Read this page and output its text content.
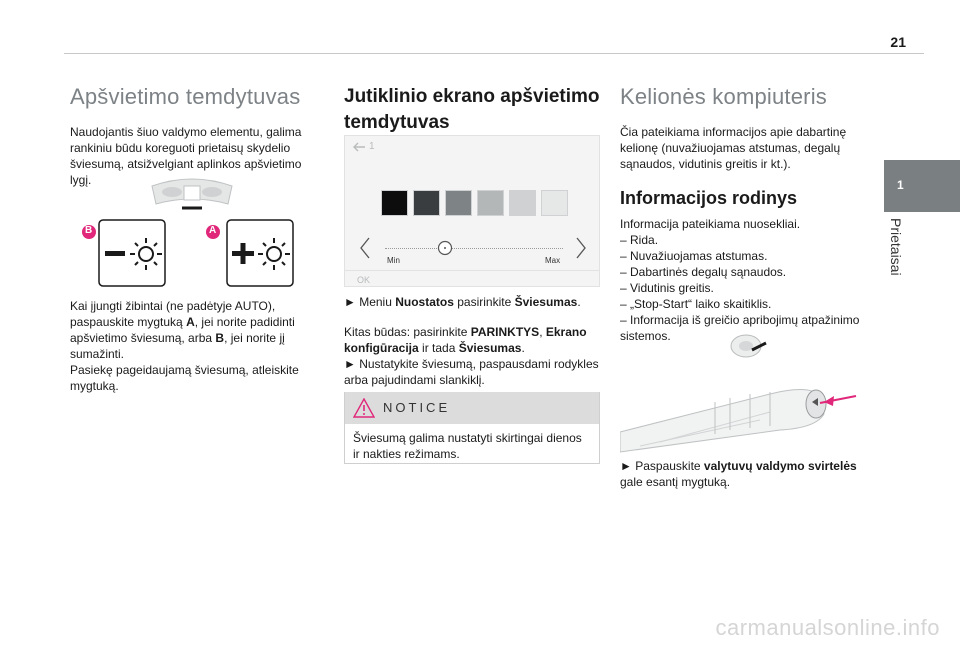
21
1
Prietaisai
Apšvietimo temdytuvas

Naudojantis šiuo valdymo elementu, galima rankiniu būdu koreguoti prietaisų skydelio šviesumą, atsižvelgiant aplinkos apšvietimo lygį.

B	A

Kai įjungti žibintai (ne padėtyje AUTO), paspauskite mygtuką A, jei norite padidinti apšvietimo šviesumą, arba B, jei norite jį sumažinti.

Pasiekę pageidaujamą šviesumą, atleiskite mygtuką.

Jutiklinio ekrano apšvietimo temdytuvas
1
Min	Max
OK

► Meniu Nuostatos pasirinkite Šviesumas.

Kitas būdas: pasirinkite PARINKTYS, Ekrano konfigūracija ir tada Šviesumas.

► Nustatykite šviesumą, paspausdami rodykles arba pajudindami slankiklį.

NOTICE
Šviesumą galima nustatyti skirtingai dienos ir nakties režimams.
Kelionės kompiuteris

Čia pateikiama informacijos apie dabartinę kelionę (nuvažiuojamas atstumas, degalų sąnaudos, vidutinis greitis ir kt.).

Informacijos rodinys

Informacija pateikiama nuosekliai.

– Rida.

– Nuvažiuojamas atstumas.

– Dabartinės degalų sąnaudos.

– Vidutinis greitis.

– „Stop-Start“ laiko skaitiklis.

– Informacija iš greičio apribojimų atpažinimo sistemos.

► Paspauskite valytuvų valdymo svirtelės gale esantį mygtuką.

carmanualsonline.info
